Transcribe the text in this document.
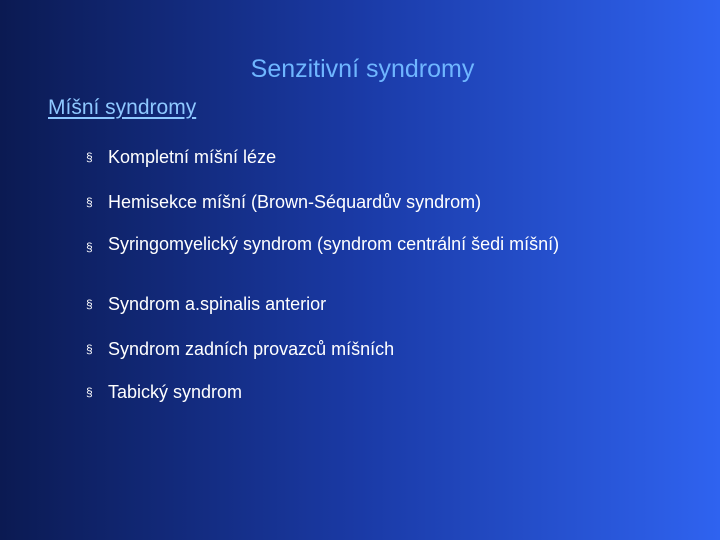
Senzitivní syndromy
Míšní syndromy
§ Kompletní míšní léze
§ Hemisekce míšní (Brown-Séquardův syndrom)
§ Syringomyelický syndrom (syndrom centrální šedi míšní)
§ Syndrom a.spinalis anterior
§ Syndrom zadních provazců míšních
§ Tabický syndrom
